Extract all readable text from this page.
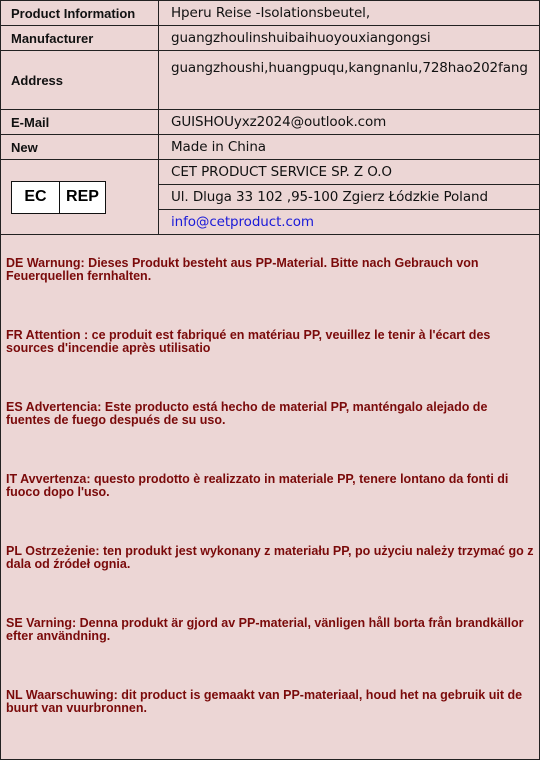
Product Information	Hperu Reise -Isolationsbeutel,
Manufacturer	guangzhoulinshuibaihuoyouxiangongsi
Address	guangzhoushi,huangpuqu,kangnanlu,728hao202fang
E-Mail	GUISHOUyxz2024@outlook.com
New	Made in China

EC REP	CET PRODUCT SERVICE SP. Z O.O
	Ul. Dluga 33 102 ,95-100 Zgierz Łódzkie Poland
	info@cetproduct.com

DE Warnung: Dieses Produkt besteht aus PP-Material. Bitte nach Gebrauch von Feuerquellen fernhalten.

FR Attention : ce produit est fabriqué en matériau PP, veuillez le tenir à l'écart des sources d'incendie après utilisatio

ES Advertencia: Este producto está hecho de material PP, manténgalo alejado de fuentes de fuego después de su uso.

IT Avvertenza: questo prodotto è realizzato in materiale PP, tenere lontano da fonti di fuoco dopo l'uso.

PL Ostrzeżenie: ten produkt jest wykonany z materiału PP, po użyciu należy trzymać go z dala od źródeł ognia.

SE Varning: Denna produkt är gjord av PP-material, vänligen håll borta från brandkällor efter användning.

NL Waarschuwing: dit product is gemaakt van PP-materiaal, houd het na gebruik uit de buurt van vuurbronnen.
